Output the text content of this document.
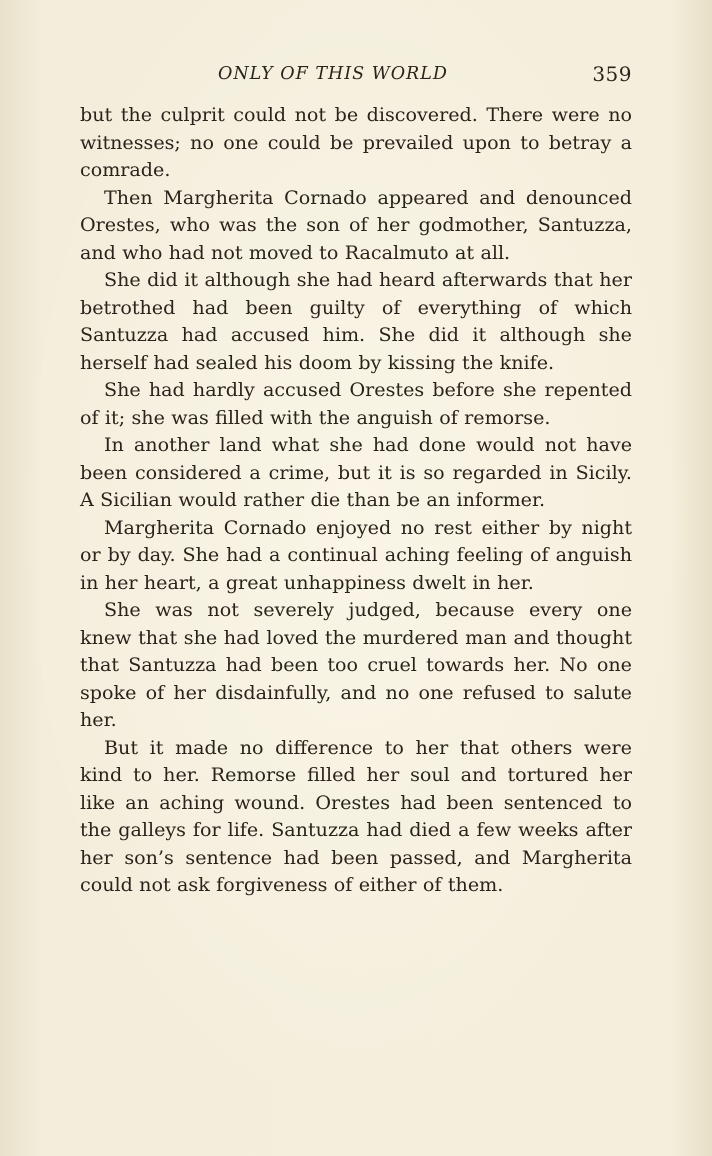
ONLY OF THIS WORLD	359

but the culprit could not be discovered. There were no witnesses; no one could be prevailed upon to betray a comrade.

Then Margherita Cornado appeared and denounced Orestes, who was the son of her godmother, Santuzza, and who had not moved to Racalmuto at all.

She did it although she had heard afterwards that her betrothed had been guilty of everything of which Santuzza had accused him. She did it although she herself had sealed his doom by kissing the knife.

She had hardly accused Orestes before she repented of it; she was filled with the anguish of remorse.

In another land what she had done would not have been considered a crime, but it is so regarded in Sicily. A Sicilian would rather die than be an informer.

Margherita Cornado enjoyed no rest either by night or by day. She had a continual aching feeling of anguish in her heart, a great unhappiness dwelt in her.

She was not severely judged, because every one knew that she had loved the murdered man and thought that Santuzza had been too cruel towards her. No one spoke of her disdainfully, and no one refused to salute her.

But it made no difference to her that others were kind to her. Remorse filled her soul and tortured her like an aching wound. Orestes had been sentenced to the galleys for life. Santuzza had died a few weeks after her son’s sentence had been passed, and Margherita could not ask forgiveness of either of them.
